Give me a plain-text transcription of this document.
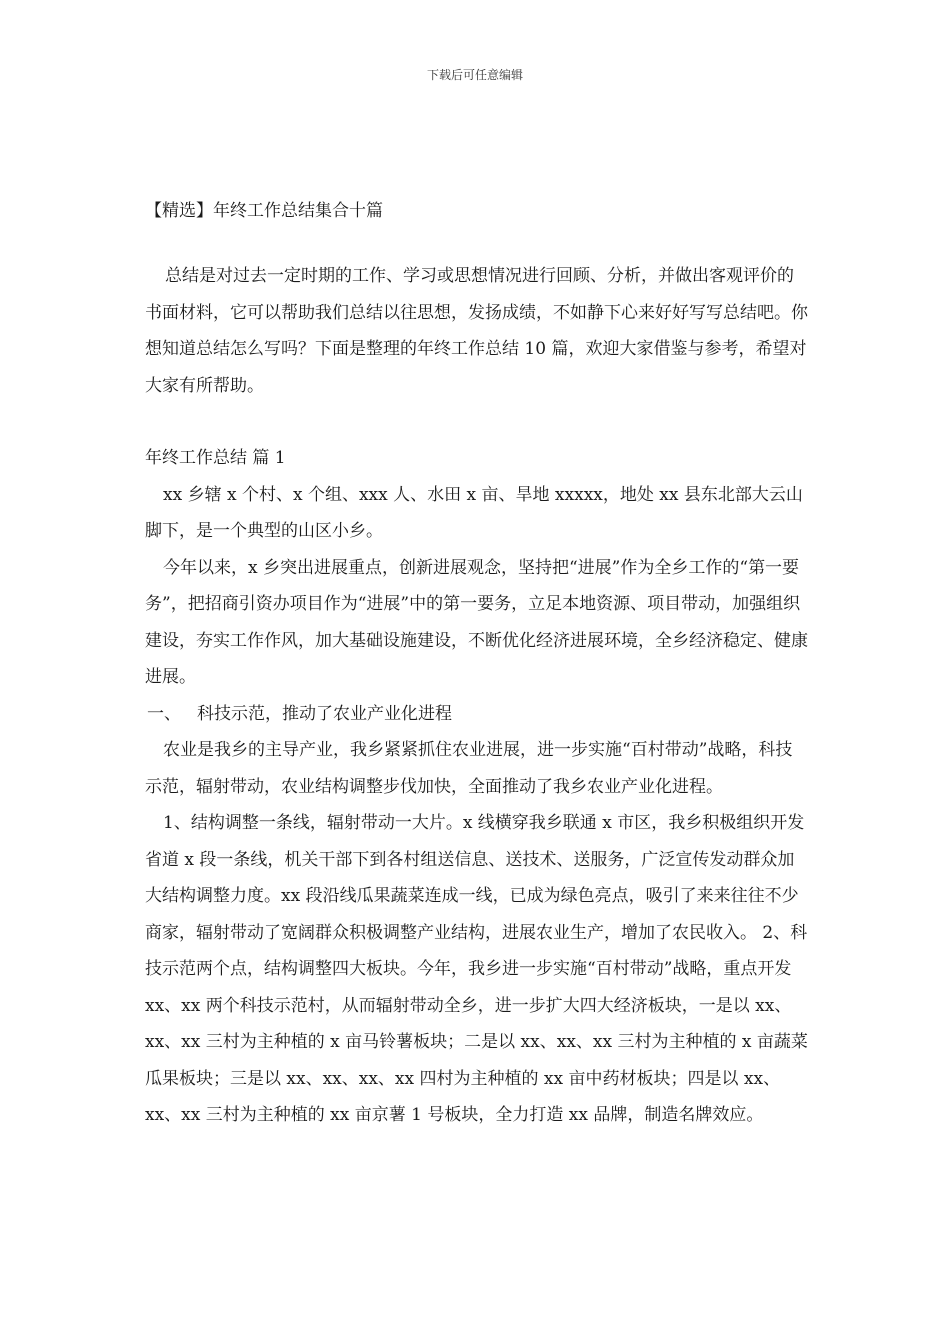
下载后可任意编辑
【精选】年终工作总结集合十篇

总结是对过去一定时期的工作、学习或思想情况进行回顾、分析，并做出客观评价的书面材料，它可以帮助我们总结以往思想，发扬成绩，不如静下心来好好写写总结吧。你想知道总结怎么写吗？下面是整理的年终工作总结 10 篇，欢迎大家借鉴与参考，希望对大家有所帮助。

年终工作总结 篇 1

xx 乡辖 x 个村、x 个组、xxx 人、水田 x 亩、旱地 xxxxx，地处 xx 县东北部大云山脚下，是一个典型的山区小乡。

今年以来，x 乡突出进展重点，创新进展观念，坚持把“进展”作为全乡工作的“第一要务”，把招商引资办项目作为“进展”中的第一要务，立足本地资源、项目带动，加强组织建设，夯实工作作风，加大基础设施建设，不断优化经济进展环境，全乡经济稳定、健康进展。

一、 科技示范，推动了农业产业化进程

农业是我乡的主导产业，我乡紧紧抓住农业进展，进一步实施“百村带动”战略，科技示范，辐射带动，农业结构调整步伐加快，全面推动了我乡农业产业化进程。

1、结构调整一条线，辐射带动一大片。x 线横穿我乡联通 x 市区，我乡积极组织开发省道 x 段一条线，机关干部下到各村组送信息、送技术、送服务，广泛宣传发动群众加大结构调整力度。xx 段沿线瓜果蔬菜连成一线，已成为绿色亮点，吸引了来来往往不少商家，辐射带动了宽阔群众积极调整产业结构，进展农业生产，增加了农民收入。 2、科技示范两个点，结构调整四大板块。今年，我乡进一步实施“百村带动”战略，重点开发 xx、xx 两个科技示范村，从而辐射带动全乡，进一步扩大四大经济板块，一是以 xx、xx、xx 三村为主种植的 x 亩马铃薯板块；二是以 xx、xx、xx 三村为主种植的 x 亩蔬菜瓜果板块；三是以 xx、xx、xx、xx 四村为主种植的 xx 亩中药材板块；四是以 xx、xx、xx 三村为主种植的 xx 亩京薯 1 号板块，全力打造 xx 品牌，制造名牌效应。
